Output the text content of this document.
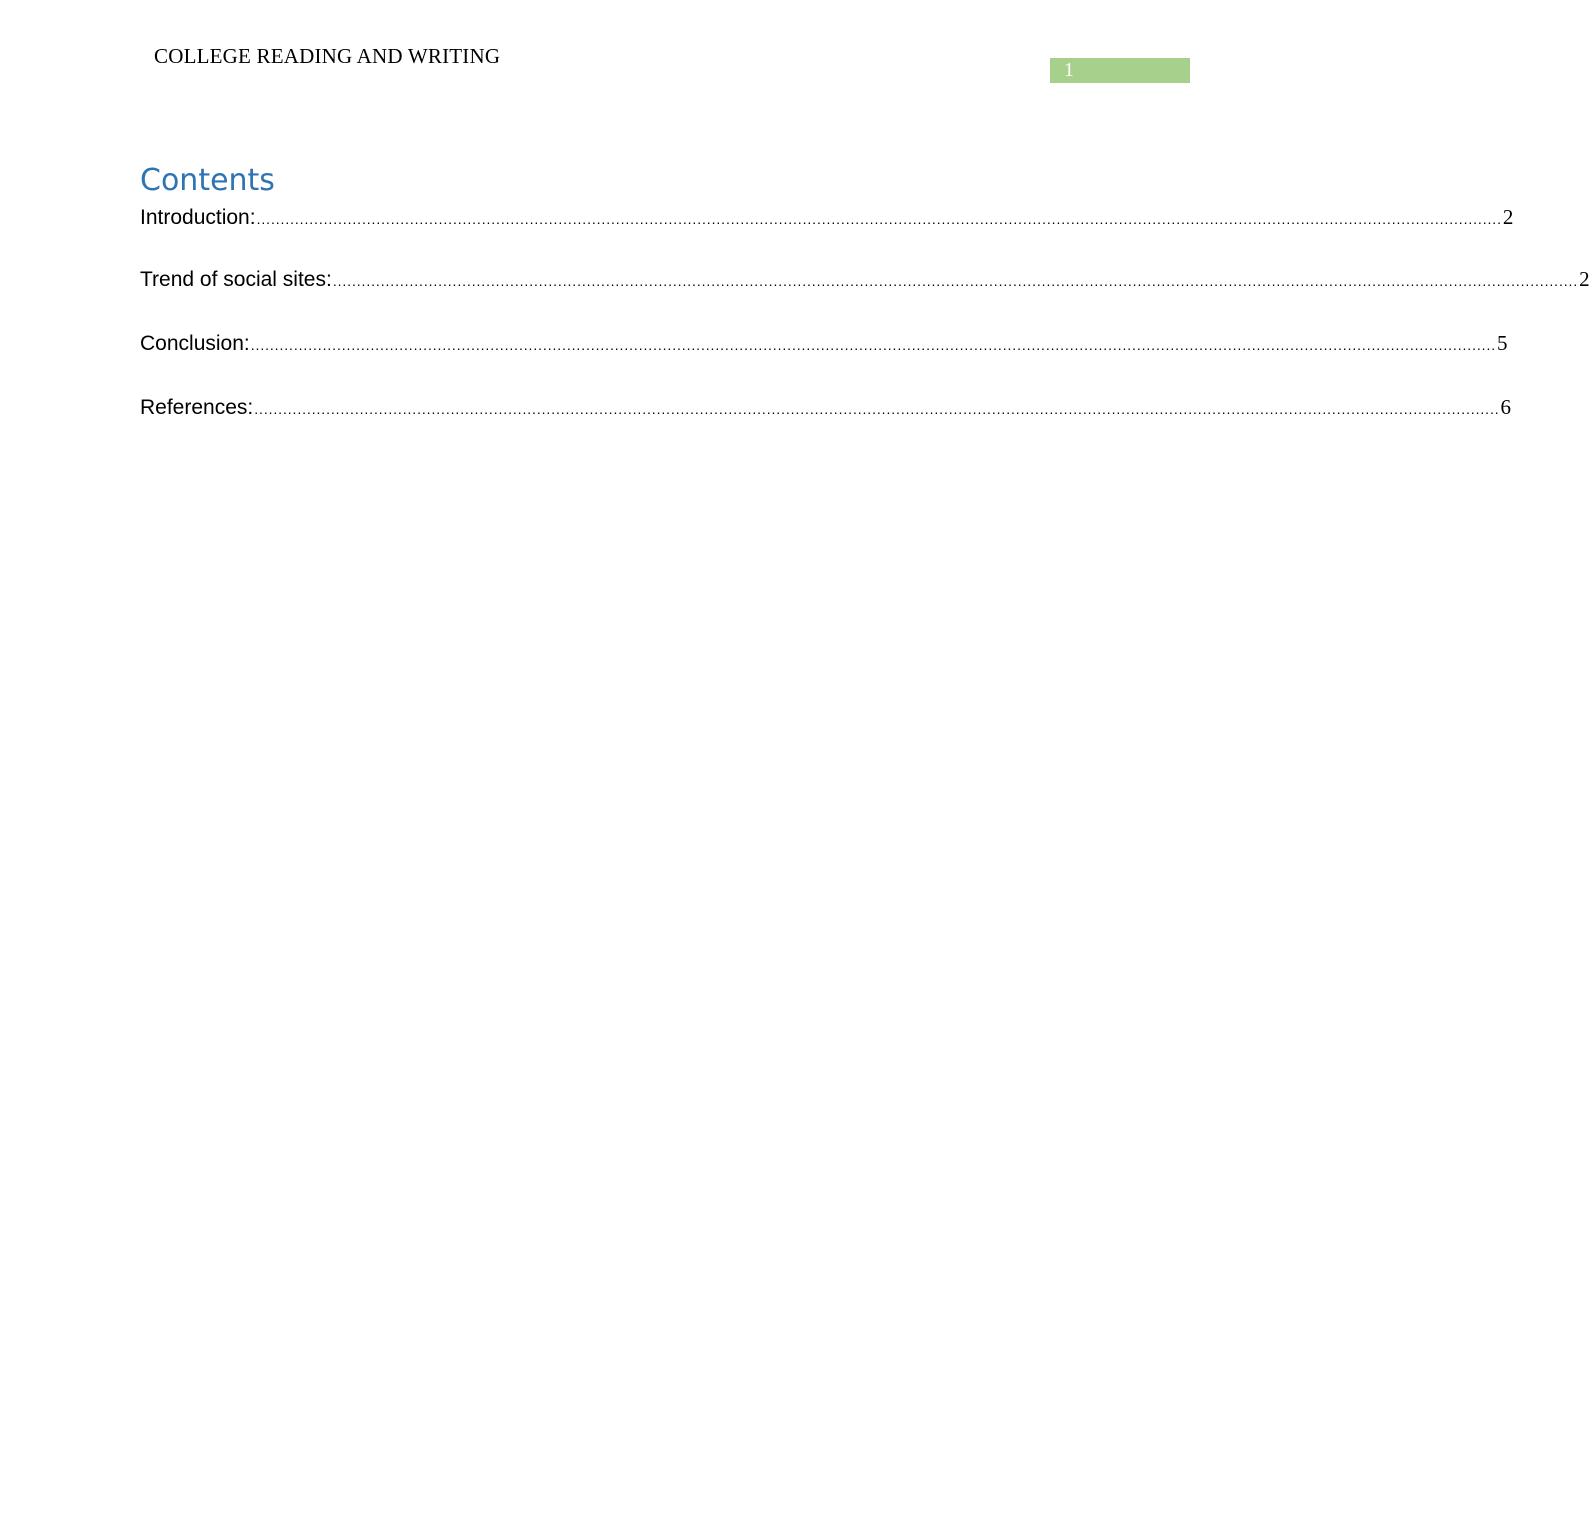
COLLEGE READING AND WRITING
1
Contents
Introduction: .................................................................................................................................................................................................................................................................... 2
Trend of social sites: .................................................................................................................................................................................................................................................................... 2
Conclusion: .................................................................................................................................................................................................................................................................... 5
References: .................................................................................................................................................................................................................................................................... 6
